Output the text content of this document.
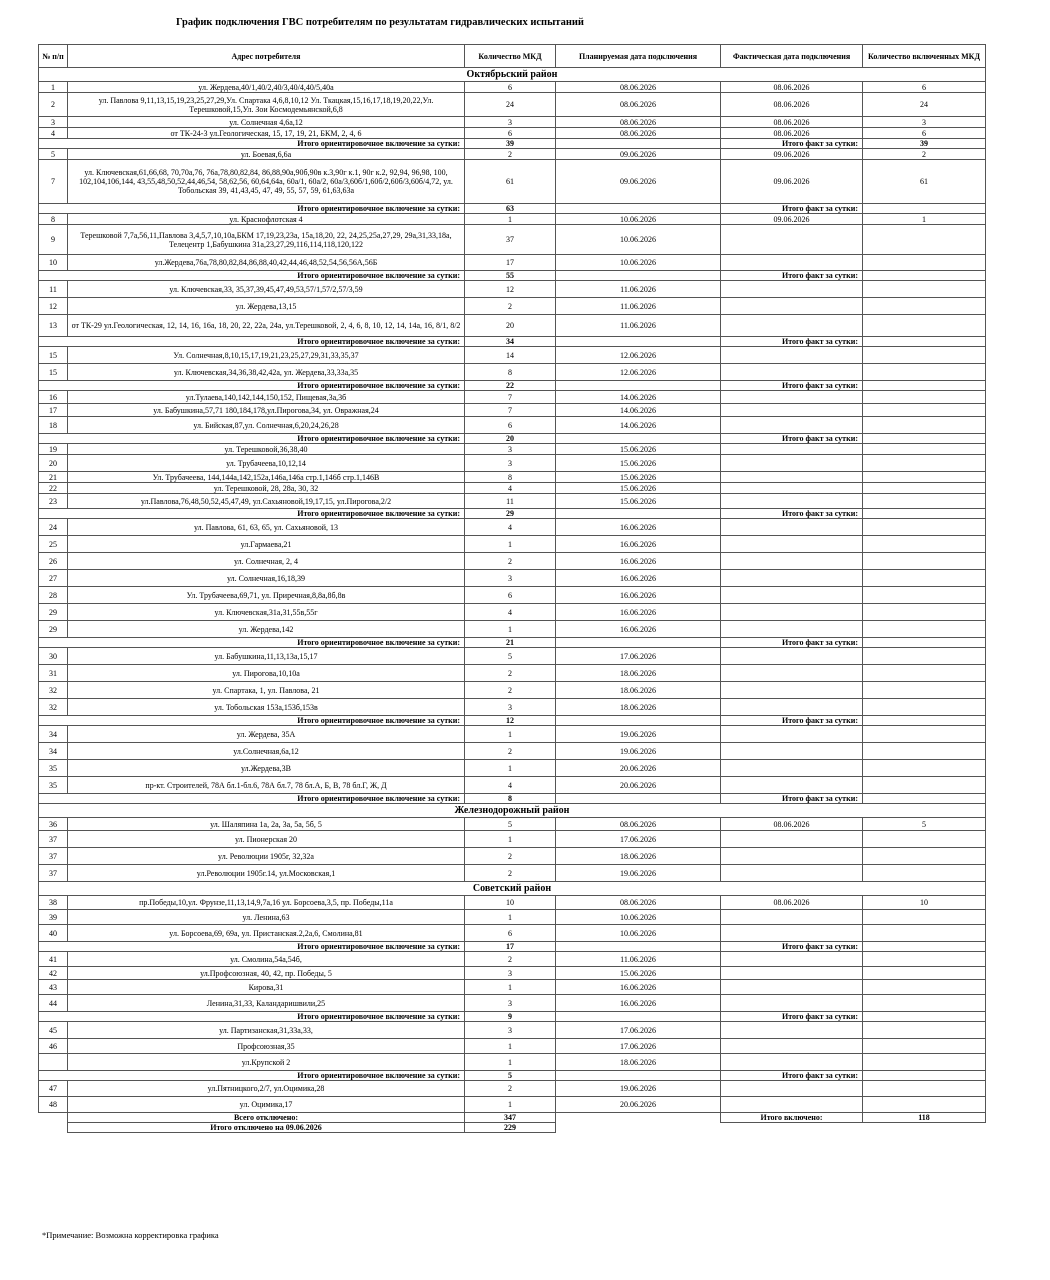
График подключения ГВС потребителям по результатам гидравлических испытаний
№ п/п	Адрес потребителя	Количество МКД	Планируемая дата подключения	Фактическая дата подключения	Количество включенных МКД
Октябрьский район					
1	ул. Жердева,40/1,40/2,40/3,40/4,40/5,40а	6	08.06.2026	08.06.2026	6
2	ул. Павлова 9,11,13,15,19,23,25,27,29,Ул. Спартака 4,6,8,10,12 Ул. Ткацкая,15,16,17,18,19,20,22,Ул. Терешковой,15,Ул. Зои Космодемьянской,6,8	24	08.06.2026	08.06.2026	24
3	ул. Солнечная 4,6а,12	3	08.06.2026	08.06.2026	3
4	от ТК-24-3 ул.Геологическая, 15, 17, 19, 21, БКМ, 2, 4, 6	6	08.06.2026	08.06.2026	6
Итого ориентировочное включение за сутки:		39		Итого факт за сутки:	39
5	ул. Боевая,6,6а	2	09.06.2026	09.06.2026	2
7	ул. Ключевская,61,66,68, 70,70а,76, 76а,78,80,82,84, 86,88,90а,90б,90в к.3,90г к.1, 90г к.2, 92,94, 96,98, 100, 102,104,106,144, 43,55,48,50,52,44,46,54, 58,62,56, 60,64,64а, 60а/1, 60а/2, 60а/3,60б/1,60б/2,60б/3,60б/4,72, ул. Тобольская 39, 41,43,45, 47, 49, 55, 57, 59, 61,63,63а	61	09.06.2026	09.06.2026	61
Итого ориентировочное включение за сутки:		63		Итого факт за сутки:	
8	ул. Краснофлотская 4	1	10.06.2026	09.06.2026	1
9	Терешковой 7,7а,56,11,Павлова 3,4,5,7,10,10а,БКМ 17,19,23,23а, 15а,18,20, 22, 24,25,25а,27,29, 29а,31,33,18а, Телецентр 1,Бабушкина 31а,23,27,29,116,114,118,120,122	37	10.06.2026		
10	ул.Жердева,76а,78,80,82,84,86,88,40,42,44,46,48,52,54,56,56А,56Б	17	10.06.2026		
Итого ориентировочное включение за сутки:		55		Итого факт за сутки:	
11	ул. Ключевская,33, 35,37,39,45,47,49,53,57/1,57/2,57/3,59	12	11.06.2026		
12	ул. Жердева,13,15	2	11.06.2026		
13	от ТК-29 ул.Геологическая, 12, 14, 16, 16а, 18, 20, 22, 22а, 24а, ул.Терешковой, 2, 4, 6, 8, 10, 12, 14, 14а, 16, 8/1, 8/2	20	11.06.2026		
Итого ориентировочное включение за сутки:		34		Итого факт за сутки:	
15	Ул. Солнечная,8,10,15,17,19,21,23,25,27,29,31,33,35,37	14	12.06.2026		
15	ул. Ключевская,34,36,38,42,42а, ул. Жердева,33,33а,35	8	12.06.2026		
Итого ориентировочное включение за сутки:		22		Итого факт за сутки:	
16	ул.Тулаева,140,142,144,150,152, Пищевая,3а,3б	7	14.06.2026		
17	ул. Бабушкина,57,71 180,184,178,ул.Пирогова,34, ул. Овражная,24	7	14.06.2026		
18	ул. Бийская,87,ул. Солнечная,6,20,24,26,28	6	14.06.2026		
Итого ориентировочное включение за сутки:		20		Итого факт за сутки:	
19	ул. Терешковой,36,38,40	3	15.06.2026		
20	ул. Трубачеева,10,12,14	3	15.06.2026		
21	Ул. Трубачеева, 144,144а,142,152а,146а,146а стр.1,146б стр.1,146В	8	15.06.2026		
22	ул. Терешковой, 28, 28а, 30, 32	4	15.06.2026		
23	ул.Павлова,76,48,50,52,45,47,49, ул.Сахьяновой,19,17,15, ул.Пирогова,2/2	11	15.06.2026		
Итого ориентировочное включение за сутки:		29		Итого факт за сутки:	
24	ул. Павлова, 61, 63, 65, ул. Сахьяновой, 13	4	16.06.2026		
25	ул.Гармаева,21	1	16.06.2026		
26	ул. Солнечная, 2, 4	2	16.06.2026		
27	ул. Солнечная,16,18,39	3	16.06.2026		
28	Ул. Трубачеева,69,71, ул. Приречная,8,8а,8б,8в	6	16.06.2026		
29	ул. Ключевская,31а,31,55в,55г	4	16.06.2026		
29	ул. Жердева,142	1	16.06.2026		
Итого ориентировочное включение за сутки:		21		Итого факт за сутки:	
30	ул. Бабушкина,11,13,13а,15,17	5	17.06.2026		
31	ул. Пирогова,10,10а	2	18.06.2026		
32	ул. Спартака, 1, ул. Павлова, 21	2	18.06.2026		
32	ул. Тобольская 153а,153б,153в	3	18.06.2026		
Итого ориентировочное включение за сутки:		12		Итого факт за сутки:	
34	ул. Жердева, 35А	1	19.06.2026		
34	ул.Солнечная,6а,12	2	19.06.2026		
35	ул.Жердева,3В	1	20.06.2026		
35	пр-кт. Строителей, 78А бл.1-бл.6, 78А бл.7, 78 бл.А, Б, В, 78 бл.Г, Ж, Д	4	20.06.2026		
Итого ориентировочное включение за сутки:		8		Итого факт за сутки:	
Железнодорожный район					
36	ул. Шаляпина 1а, 2а, 3а, 5а, 5б, 5	5	08.06.2026	08.06.2026	5
37	ул. Пионерская 20	1	17.06.2026		
37	ул. Революции 1905г, 32,32а	2	18.06.2026		
37	ул.Революции 1905г.14, ул.Московская,1	2	19.06.2026		
Советский район					
38	пр.Победы,10,ул. Фрунзе,11,13,14,9,7а,16 ул. Борсоева,3,5, пр. Победы,11а	10	08.06.2026	08.06.2026	10
39	ул. Ленина,63	1	10.06.2026		
40	ул. Борсоева,69, 69а, ул. Пристанская.2,2а,6, Смолина,81	6	10.06.2026		
Итого ориентировочное включение за сутки:		17		Итого факт за сутки:	
41	ул. Смолина,54а,54б,	2	11.06.2026		
42	ул.Профсоюзная, 40, 42, пр. Победы, 5	3	15.06.2026		
43	Кирова,31	1	16.06.2026		
44	Ленина,31,33, Каландаришвили,25	3	16.06.2026		
Итого ориентировочное включение за сутки:		9		Итого факт за сутки:	
45	ул. Партизанская,31,33а,33,	3	17.06.2026		
46	Профсоюзная,35	1	17.06.2026		
	ул.Крупской 2	1	18.06.2026		
Итого ориентировочное включение за сутки:		5		Итого факт за сутки:	
47	ул.Пятницкого,2/7, ул.Оцимика,28	2	19.06.2026		
48	ул. Оцимика,17	1	20.06.2026		
	Всего отключено:	347		Итого включено:	118
	Итого отключено на 09.06.2026	229			
*Примечание: Возможна корректировка графика
